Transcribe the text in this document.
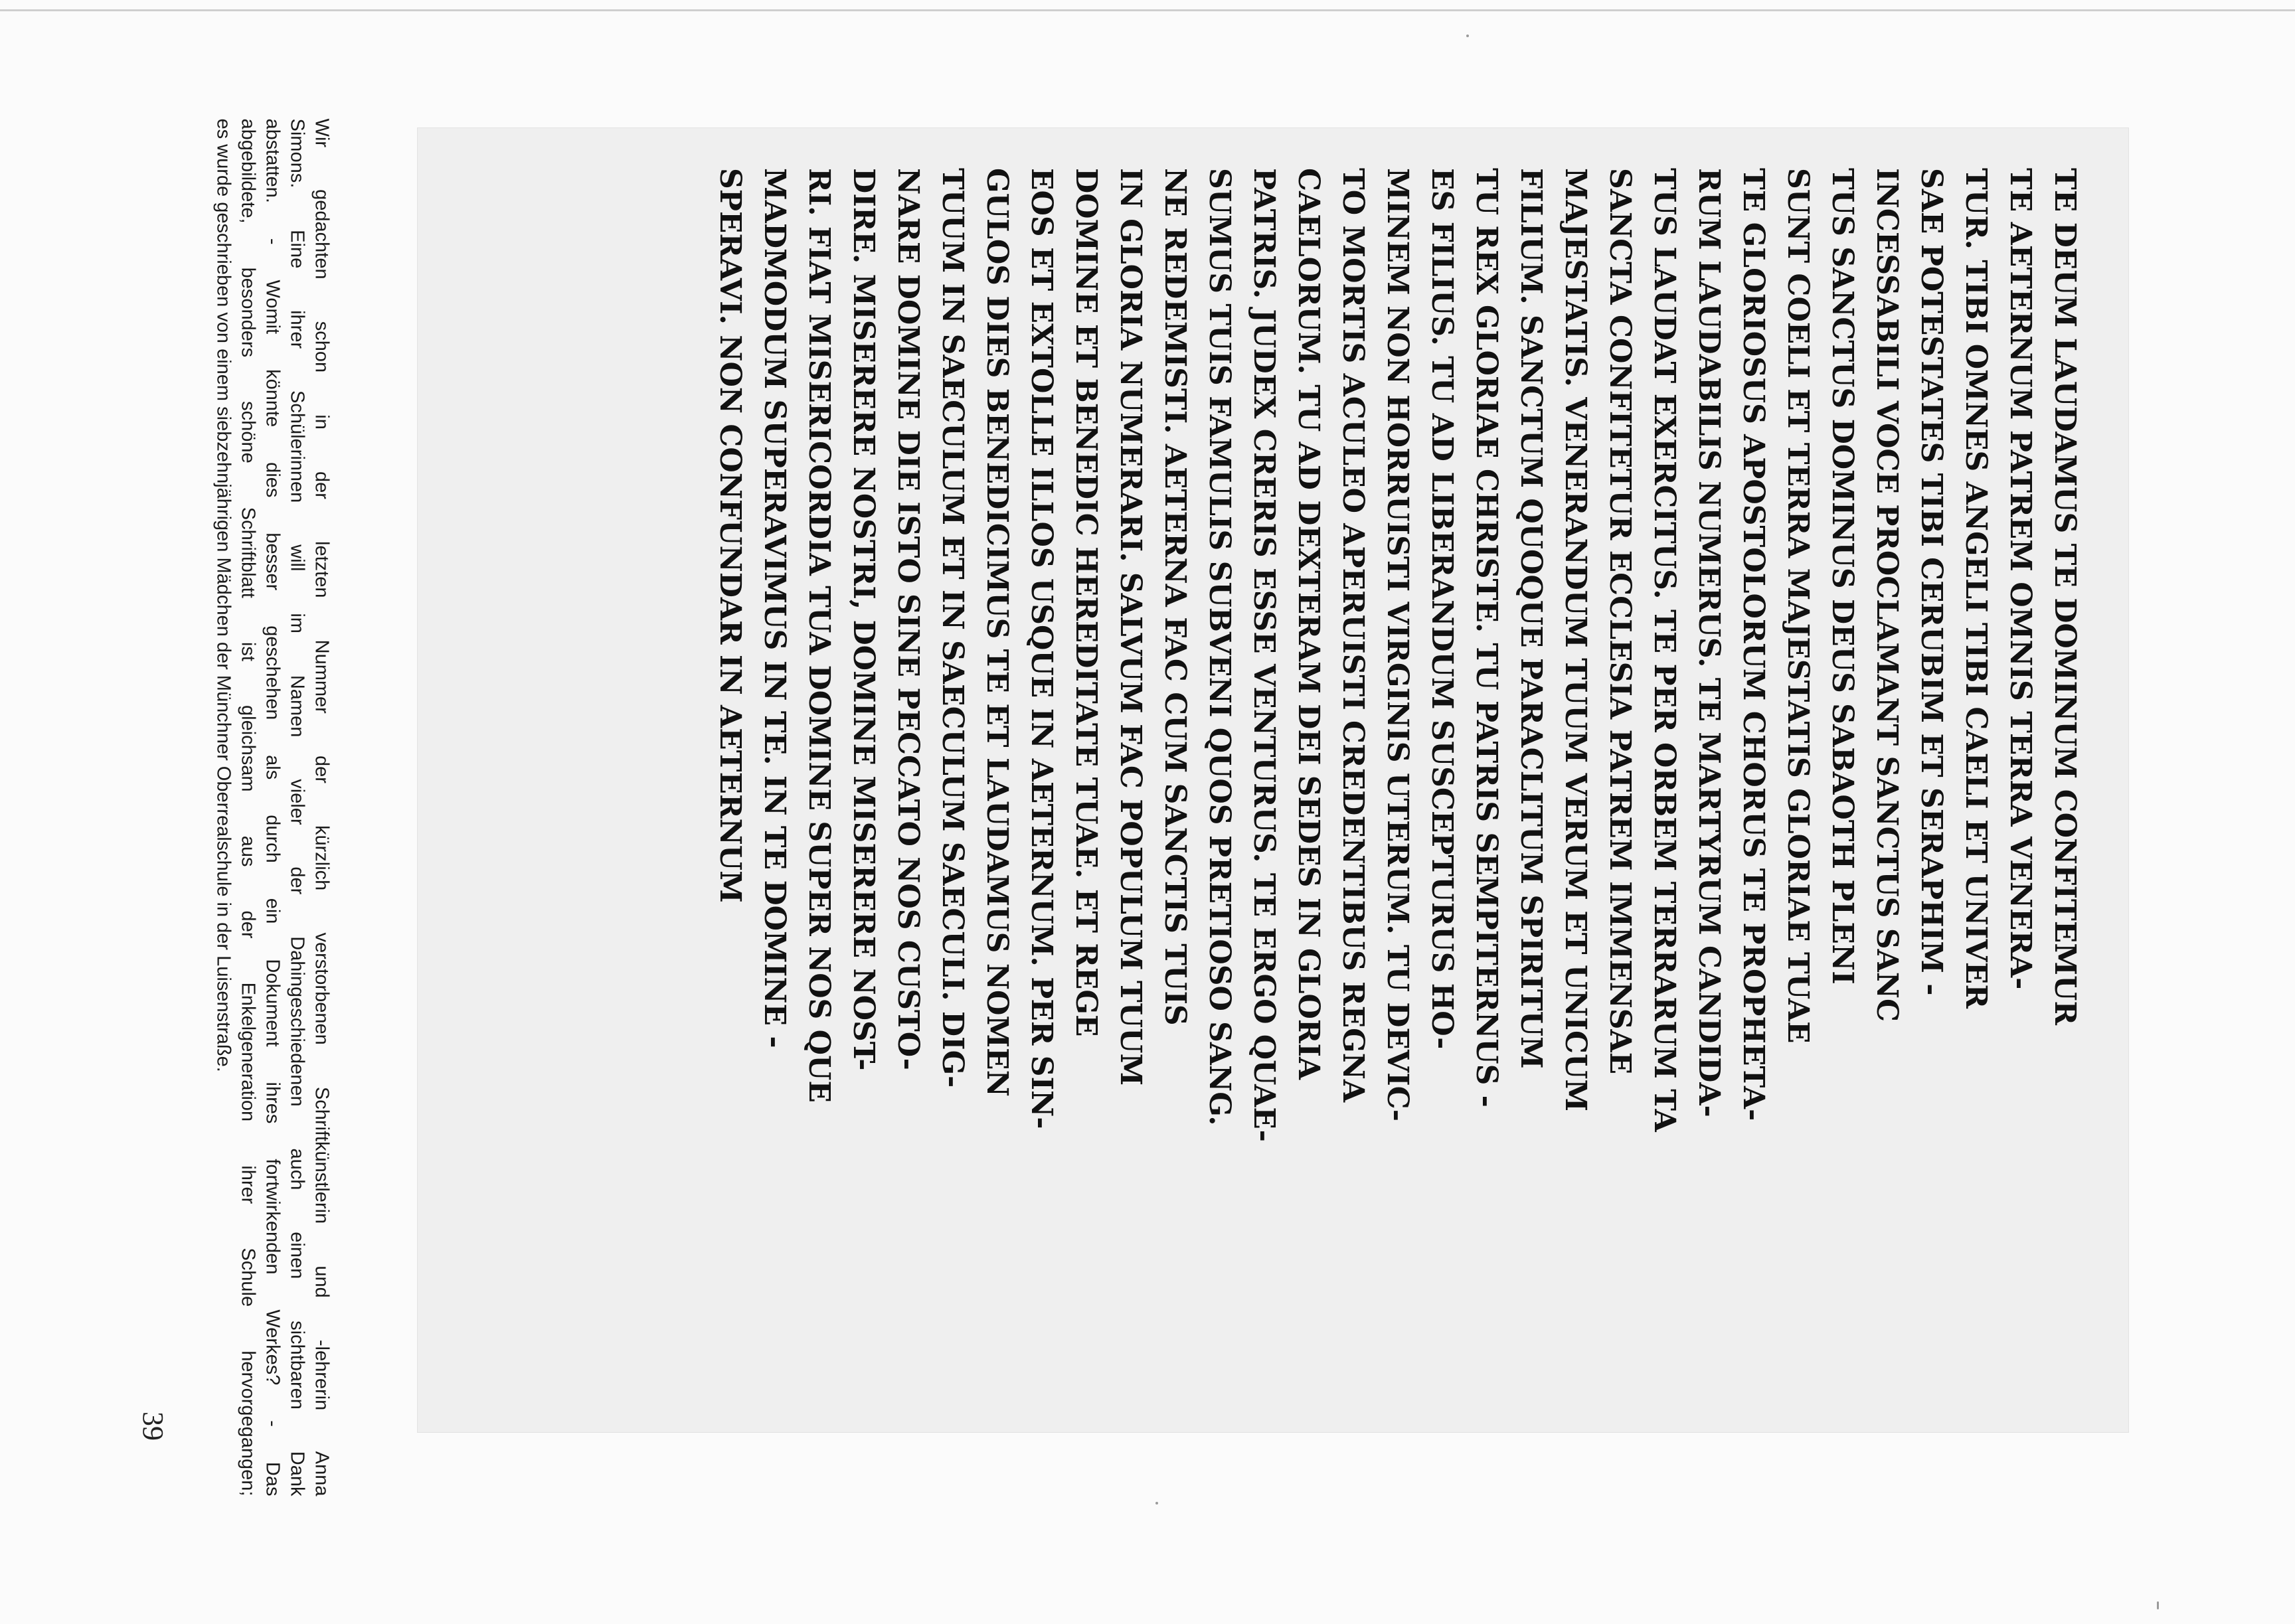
Wir gedachten schon in der letzten Nummer der kürzlich verstorbenen Schriftkünstlerin und -lehrerin Anna
Simons. Eine ihrer Schülerinnen will im Namen vieler der Dahingeschiedenen auch einen sichtbaren Dank
abstatten. - Womit könnte dies besser geschehen als durch ein Dokument ihres fortwirkenden Werkes? - Das
abgebildete, besonders schöne Schriftblatt ist gleichsam aus der Enkelgeneration ihrer Schule hervorgegangen;
es wurde geschrieben von einem siebzehnjährigen Mädchen der Münchner Oberrealschule in der Luisenstraße.
39
TE DEUM LAUDAMUS TE DOMINUM CONFITEMUR
TE AETERNUM PATREM OMNIS TERRA VENERA-
TUR. TIBI OMNES ANGELI TIBI CAELI ET UNIVER
SAE POTESTATES TIBI CERUBIM ET SERAPHIM -
INCESSABILI VOCE PROCLAMANT SANCTUS SANC
TUS SANCTUS DOMINUS DEUS SABAOTH PLENI
SUNT COELI ET TERRA MAJESTATIS GLORIAE TUAE
TE GLORIOSUS APOSTOLORUM CHORUS TE PROPHETA-
RUM LAUDABILIS NUMERUS. TE MARTYRUM CANDIDA-
TUS LAUDAT EXERCITUS. TE PER ORBEM TERRARUM TA
SANCTA CONFITETUR ECCLESIA PATREM IMMENSAE
MAJESTATIS. VENERANDUM TUUM VERUM ET UNICUM
FILIUM. SANCTUM QUOQUE PARACLITUM SPIRITUM
TU REX GLORIAE CHRISTE. TU PATRIS SEMPITERNUS -
ES FILIUS. TU AD LIBERANDUM SUSCEPTURUS HO-
MINEM NON HORRUISTI VIRGINIS UTERUM. TU DEVIC-
TO MORTIS ACULEO APERUISTI CREDENTIBUS REGNA
CAELORUM. TU AD DEXTERAM DEI SEDES IN GLORIA
PATRIS. JUDEX CRERIS ESSE VENTURUS. TE ERGO QUAE-
SUMUS TUIS FAMULIS SUBVENI QUOS PRETIOSO SANG.
NE REDEMISTI. AETERNA FAC CUM SANCTIS TUIS
IN GLORIA NUMERARI. SALVUM FAC POPULUM TUUM
DOMINE ET BENEDIC HEREDITATE TUAE. ET REGE
EOS ET EXTOLLE ILLOS USQUE IN AETERNUM. PER SIN-
GULOS DIES BENEDICIMUS TE ET LAUDAMUS NOMEN
TUUM IN SAECULUM ET IN SAECULUM SAECULI. DIG-
NARE DOMINE DIE ISTO SINE PECCATO NOS CUSTO-
DIRE. MISERERE NOSTRI, DOMINE MISERERE NOST-
RI. FIAT MISERICORDIA TUA DOMINE SUPER NOS QUE
MADMODUM SUPERAVIMUS IN TE. IN TE DOMINE -
SPERAVI. NON CONFUNDAR IN AETERNUM
